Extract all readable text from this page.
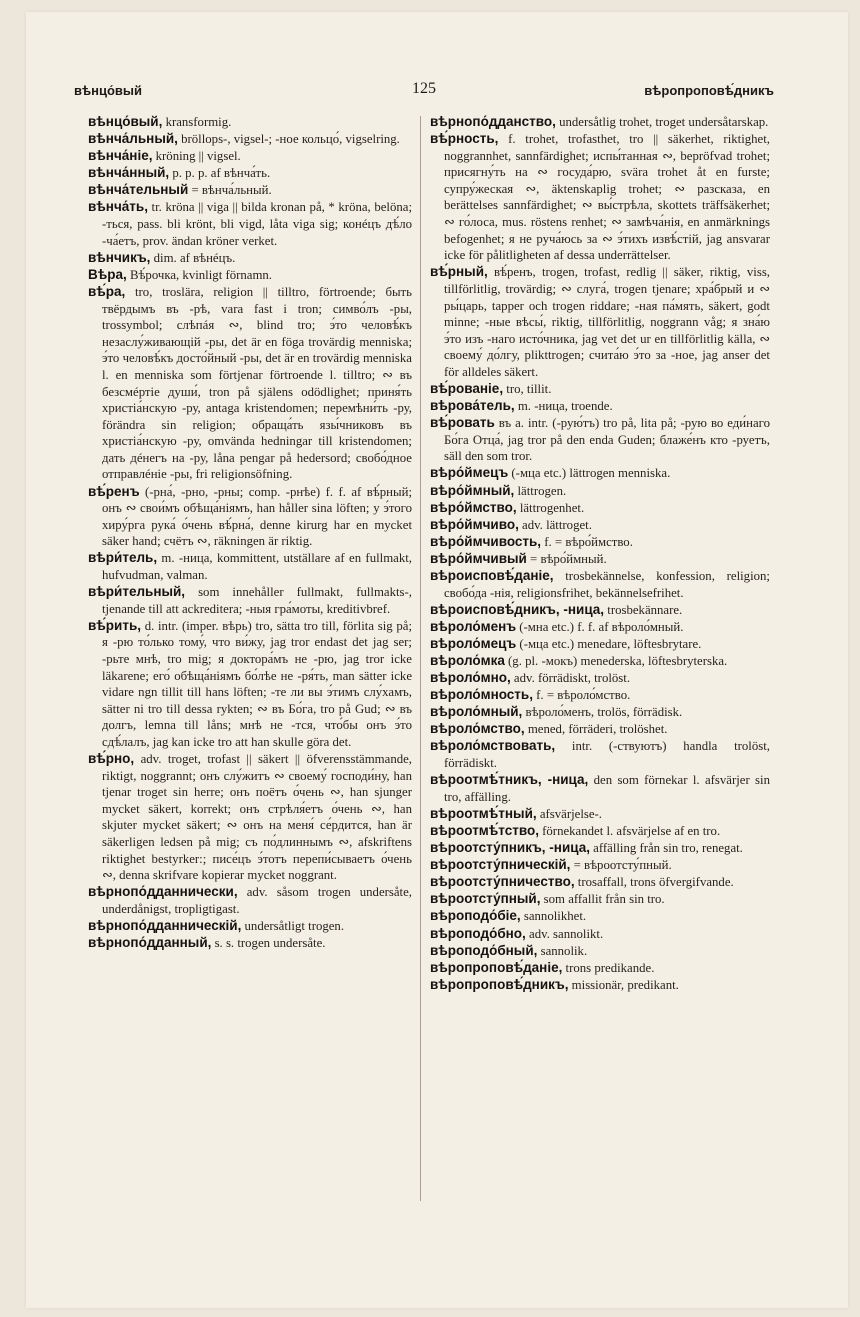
вѣнцо́вый	125	вѣропроповѣ́дникъ
вѣнцо́вый, kransformig.
вѣнча́льный, bröllops-, vigsel-; -ное кольцо́, vigselring.
вѣнча́ніе, kröning || vigsel.
вѣнча́нный, p. p. p. af вѣнча́ть.
вѣнча́тельный = вѣнча́льный.
вѣнча́ть, tr. kröna || viga || bilda kronan på, * kröna, belöna; -ться, pass. bli krönt, bli vigd, låta viga sig; конéцъ дѣ́ло -ча́етъ, prov. ändan kröner verket.
вѣнчикъ, dim. af вѣнéцъ.
Вѣра, Вѣ́рочка, kvinligt förnamn.
вѣ́ра, tro, troslära, religion || tilltro, förtroende; быть твёрдымъ въ -рѣ, vara fast i tron; симво́лъ -ры, trossymbol; слѣпáя ∾, blind tro; э́то человѣ́къ незаслу́живающій -ры, det är en föga trovärdig menniska; э́то человѣ́къ досто́йный -ры, det är en trovärdig menniska l. en menniska som förtjenar förtroende l. tilltro; ∾ въ безсмéртіе души́, tron på själens odödlighet; приня́ть христіа́нскую -ру, antaga kristendomen; перемѣни́ть -ру, förändra sin religion; обраща́ть язы́чниковъ въ христіа́нскую -ру, omvända hedningar till kristendomen; дать дéнегъ на -ру, låna pengar på hedersord; свобо́дное отправлéніе -ры, fri religionsöfning.
вѣ́ренъ (-рна́, -рно, -рны; comp. -рнѣе) f. f. af вѣ́рный; онъ ∾ свои́мъ обѣща́ніямъ, han håller sina löften; у э́того хиру́рга рука́ о́чень вѣ́рна́, denne kirurg har en mycket säker hand; счётъ ∾, räkningen är riktig.
вѣри́тель, m. -ница, kommittent, utställare af en fullmakt, hufvudman, valman.
вѣри́тельный, som innehåller fullmakt, fullmakts-, tjenande till att ackreditera; -ныя гра́моты, kreditivbref.
вѣ́рить, d. intr. (imper. вѣрь) tro, sätta tro till, förlita sig på; я -рю то́лько тому́, что ви́жу, jag tror endast det jag ser; -рьте мнѣ, tro mig; я доктора́мъ не -рю, jag tror icke läkarene; его́ обѣща́ніямъ бо́лѣе не -ря́ть, man sätter icke vidare ngn tillit till hans löften; -те ли вы э́тимъ слу́хамъ, sätter ni tro till dessa rykten; ∾ въ Бо́га, tro på Gud; ∾ въ долгъ, lemna till låns; мнѣ не -тся, что́бы онъ э́то сдѣ́лалъ, jag kan icke tro att han skulle göra det.
вѣ́рно, adv. troget, trofast || säkert || öfverensstämmande, riktigt, noggrannt; онъ слу́житъ ∾ своему́ господи́ну, han tjenar troget sin herre; онъ поётъ о́чень ∾, han sjunger mycket säkert, korrekt; онъ стрѣля́етъ о́чень ∾, han skjuter mycket säkert; ∾ онъ на меня́ се́рдится, han är säkerligen ledsen på mig; съ по́длиннымъ ∾, afskriftens riktighet bestyrker:; писе́цъ э́тотъ перепи́сываетъ о́чень ∾, denna skrifvare kopierar mycket noggrant.
вѣрнопо́дданнически, adv. såsom trogen undersåte, underdånigst, tropligtigast.
вѣрнопо́дданническій, undersåtligt trogen.
вѣрнопо́дданный, s. s. trogen undersåte.
вѣрнопо́дданство, undersåtlig trohet, troget undersåtarskap.
вѣ́рность, f. trohet, trofasthet, tro || säkerhet, riktighet, noggrannhet, sannfärdighet; испы́танная ∾, bepröfvad trohet; присягну́ть на ∾ госуда́рю, svära trohet åt en furste; супру́жеская ∾, äktenskaplig trohet; ∾ разсказа, en berättelses sannfärdighet; ∾ вы́стрѣла, skottets träffsäkerhet; ∾ го́лоса, mus. röstens renhet; ∾ замѣча́нія, en anmärknings befogenhet; я не руча́юсь за ∾ э́тихъ извѣ́стій, jag ansvarar icke för pålitligheten af dessa underrättelser.
вѣ́рный, вѣ́ренъ, trogen, trofast, redlig || säker, riktig, viss, tillförlitlig, trovärdig; ∾ слуга́, trogen tjenare; хра́брый и ∾ ры́царь, tapper och trogen riddare; -ная па́мять, säkert, godt minne; -ные вѣсы́, riktig, tillförlitlig, noggrann våg; я зна́ю э́то изъ -наго исто́чника, jag vet det ur en tillförlitlig källa, ∾ своему́ до́лгу, plikttrogen; счита́ю э́то за -ное, jag anser det för alldeles säkert.
вѣ́рованіе, tro, tillit.
вѣрова́тель, m. -ница, troende.
вѣ́ровать въ a. intr. (-рую́тъ) tro på, lita på; -рую во еди́наго Бо́га Отца́, jag tror på den enda Guden; блаже́нъ кто -руетъ, säll den som tror.
вѣро́ймецъ (-мца etc.) lättrogen menniska.
вѣро́ймный, lättrogen.
вѣро́ймство, lättrogenhet.
вѣро́ймчиво, adv. lättroget.
вѣро́ймчивость, f. = вѣро́ймство.
вѣро́ймчивый = вѣро́ймный.
вѣроисповѣ́даніе, trosbekännelse, konfession, religion; свобо́да -нія, religionsfrihet, bekännelsefrihet.
вѣроисповѣ́дникъ, -ница, trosbekännare.
вѣроло́менъ (-мна etc.) f. f. af вѣроло́мный.
вѣроло́мецъ (-мца etc.) menedare, löftesbrytare.
вѣроло́мка (g. pl. -мокъ) menederska, löftesbryterska.
вѣроло́мно, adv. förrädiskt, trolöst.
вѣроло́мность, f. = вѣроло́мство.
вѣроло́мный, вѣроло́менъ, trolös, förrädisk.
вѣроло́мство, mened, förräderi, trolöshet.
вѣроло́мствовать, intr. (-ствуютъ) handla trolöst, förrädiskt.
вѣроотмѣ́тникъ, -ница, den som förnekar l. afsvärjer sin tro, affälling.
вѣроотмѣ́тный, afsvärjelse-.
вѣроотмѣ́тство, förnekandet l. afsvärjelse af en tro.
вѣроотсту́пникъ, -ница, affälling från sin tro, renegat.
вѣроотсту́пническій, = вѣроотсту́пный.
вѣроотсту́пничество, trosaffall, trons öfvergifvande.
вѣроотсту́пный, som affallit från sin tro.
вѣроподо́біе, sannolikhet.
вѣроподо́бно, adv. sannolikt.
вѣроподо́бный, sannolik.
вѣропроповѣ́даніе, trons predikande.
вѣропроповѣ́дникъ, missionär, predikant.
